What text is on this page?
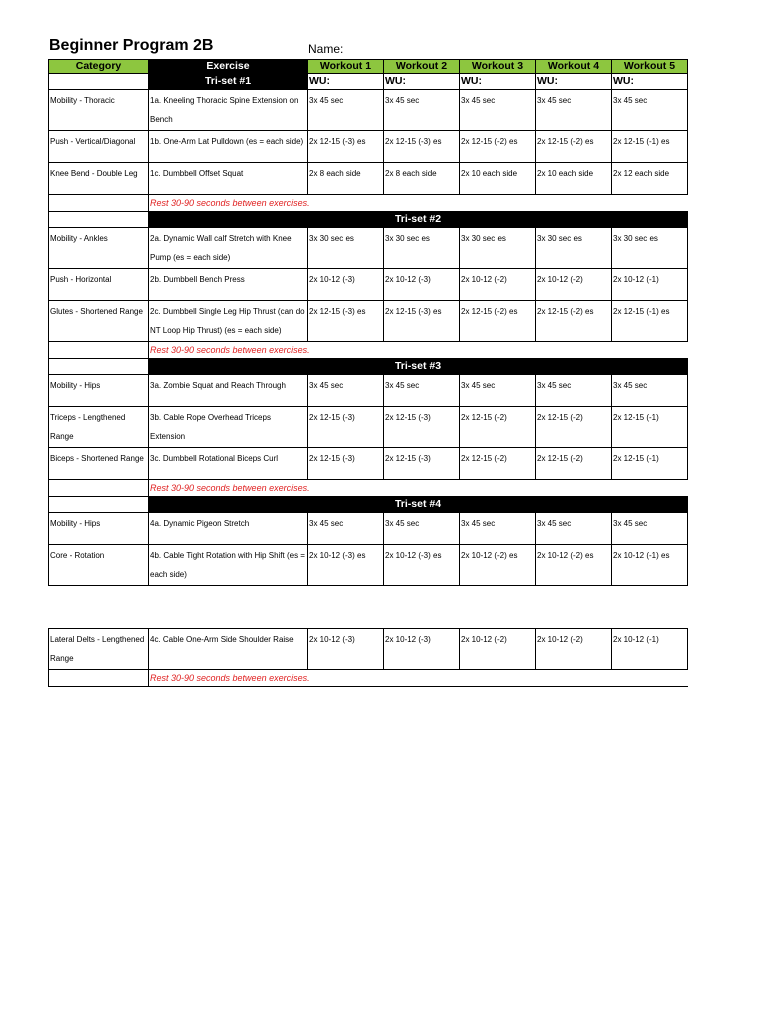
Beginner Program 2B	Name:
Category	Exercise	Workout 1	Workout 2	Workout 3	Workout 4	Workout 5
	Tri-set #1	WU:	WU:	WU:	WU:	WU:
Mobility - Thoracic	1a. Kneeling Thoracic Spine Extension on Bench	3x 45 sec	3x 45 sec	3x 45 sec	3x 45 sec	3x 45 sec
Push - Vertical/Diagonal	1b. One-Arm Lat Pulldown (es = each side)	2x 12-15 (-3) es	2x 12-15 (-3) es	2x 12-15 (-2) es	2x 12-15 (-2) es	2x 12-15 (-1) es
Knee Bend - Double Leg	1c. Dumbbell Offset Squat	2x 8 each side	2x 8 each side	2x 10 each side	2x 10 each side	2x 12 each side
	Rest 30-90 seconds between exercises.					
	Tri-set #2					
Mobility - Ankles	2a. Dynamic Wall calf Stretch with Knee Pump (es = each side)	3x 30 sec es	3x 30 sec es	3x 30 sec es	3x 30 sec es	3x 30 sec es
Push - Horizontal	2b. Dumbbell Bench Press	2x 10-12 (-3)	2x 10-12 (-3)	2x 10-12 (-2)	2x 10-12 (-2)	2x 10-12 (-1)
Glutes - Shortened Range	2c. Dumbbell Single Leg Hip Thrust (can do NT Loop Hip Thrust) (es = each side)	2x 12-15 (-3) es	2x 12-15 (-3) es	2x 12-15 (-2) es	2x 12-15 (-2) es	2x 12-15 (-1) es
	Rest 30-90 seconds between exercises.					
	Tri-set #3					
Mobility - Hips	3a. Zombie Squat and Reach Through	3x 45 sec	3x 45 sec	3x 45 sec	3x 45 sec	3x 45 sec
Triceps - Lengthened Range	3b. Cable Rope Overhead Triceps Extension	2x 12-15 (-3)	2x 12-15 (-3)	2x 12-15 (-2)	2x 12-15 (-2)	2x 12-15 (-1)
Biceps - Shortened Range	3c. Dumbbell Rotational Biceps Curl	2x 12-15 (-3)	2x 12-15 (-3)	2x 12-15 (-2)	2x 12-15 (-2)	2x 12-15 (-1)
	Rest 30-90 seconds between exercises.					
	Tri-set #4					
Mobility - Hips	4a. Dynamic Pigeon Stretch	3x 45 sec	3x 45 sec	3x 45 sec	3x 45 sec	3x 45 sec
Core - Rotation	4b. Cable Tight Rotation with Hip Shift (es = each side)	2x 10-12 (-3) es	2x 10-12 (-3) es	2x 10-12 (-2) es	2x 10-12 (-2) es	2x 10-12 (-1) es
Lateral Delts - Lengthened Range	4c. Cable One-Arm Side Shoulder Raise	2x 10-12 (-3)	2x 10-12 (-3)	2x 10-12 (-2)	2x 10-12 (-2)	2x 10-12 (-1)
	Rest 30-90 seconds between exercises.					
